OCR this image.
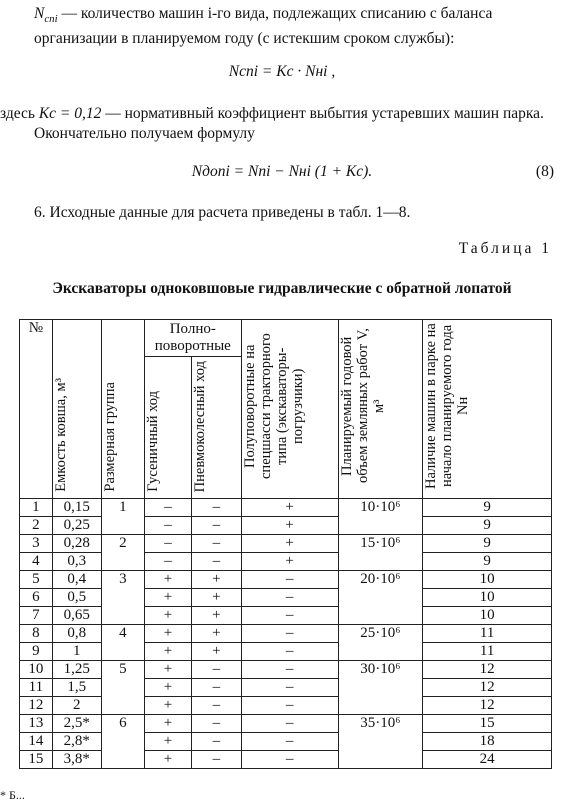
$N_{спi}$ — количество машин i-го вида, подлежащих списанию с баланса организации в планируемом году (с истекшим сроком службы):
Nспi = Kc · Nнi ,
здесь Kc = 0,12 — нормативный коэффициент выбытия устаревших машин парка.
Окончательно получаем формулу
Nдопi = Nпi − Nнi (1 + Kc).	(8)
6. Исходные данные для расчета приведены в табл. 1—8.
Таблица 1
Экскаваторы одноковшовые гидравлические с обратной лопатой
№	Емкость ковша, м³	Размерная группа	Полно-поворотные		Полуповоротные на спецшасси тракторного типа (экскаваторы-погрузчики)	Планируемый годовой объем земляных работ V, м³	Наличие машин в парке на начало планируемого года Nн

			Гусеничный ход	Пневмоколесный ход			

1	0,15	1	–	–	+	10·10⁶	9
2	0,25		–	–	+		9
3	0,28	2	–	–	+	15·10⁶	9
4	0,3		–	–	+		9
5	0,4	3	+	+	–	20·10⁶	10
6	0,5		+	+	–		10
7	0,65		+	+	–		10
8	0,8	4	+	+	–	25·10⁶	11
9	1		+	+	–		11
10	1,25	5	+	–	–	30·10⁶	12
11	1,5		+	–	–		12
12	2		+	–	–		12
13	2,5*	6	+	–	–	35·10⁶	15
14	2,8*		+	–	–		18
15	3,8*		+	–	–		24
* Б...
